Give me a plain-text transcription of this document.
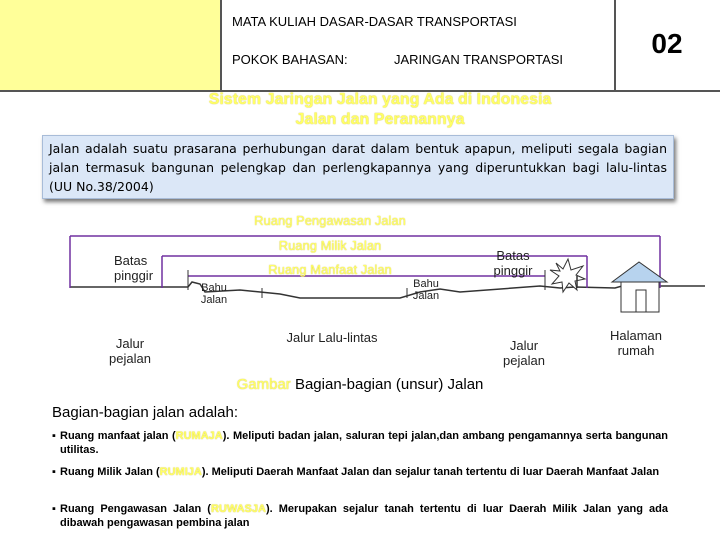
MATA KULIAH DASAR-DASAR TRANSPORTASI
POKOK BAHASAN:	JARINGAN TRANSPORTASI
02
Sistem Jaringan Jalan yang Ada di Indonesia
Jalan dan Peranannya
Jalan adalah suatu prasarana perhubungan darat dalam bentuk apapun, meliputi segala bagian jalan termasuk bangunan pelengkap dan perlengkapannya yang diperuntukkan bagi lalu-lintas (UU No.38/2004)
Ruang Pengawasan Jalan
Ruang Milik Jalan
Ruang Manfaat Jalan
Batas pinggir
Batas pinggir
Bahu Jalan
Bahu Jalan
Jalur pejalan
Jalur Lalu-lintas
Jalur pejalan
Halaman rumah
Gambar Bagian-bagian (unsur) Jalan
Bagian-bagian jalan adalah:
▪ Ruang manfaat jalan (RUMAJA). Meliputi badan jalan, saluran tepi jalan,dan ambang pengamannya serta bangunan utilitas.
▪ Ruang Milik Jalan (RUMIJA). Meliputi Daerah Manfaat Jalan dan sejalur tanah tertentu di luar Daerah Manfaat Jalan
▪ Ruang Pengawasan Jalan (RUWASJA). Merupakan sejalur tanah tertentu di luar Daerah Milik Jalan yang ada dibawah pengawasan pembina jalan
